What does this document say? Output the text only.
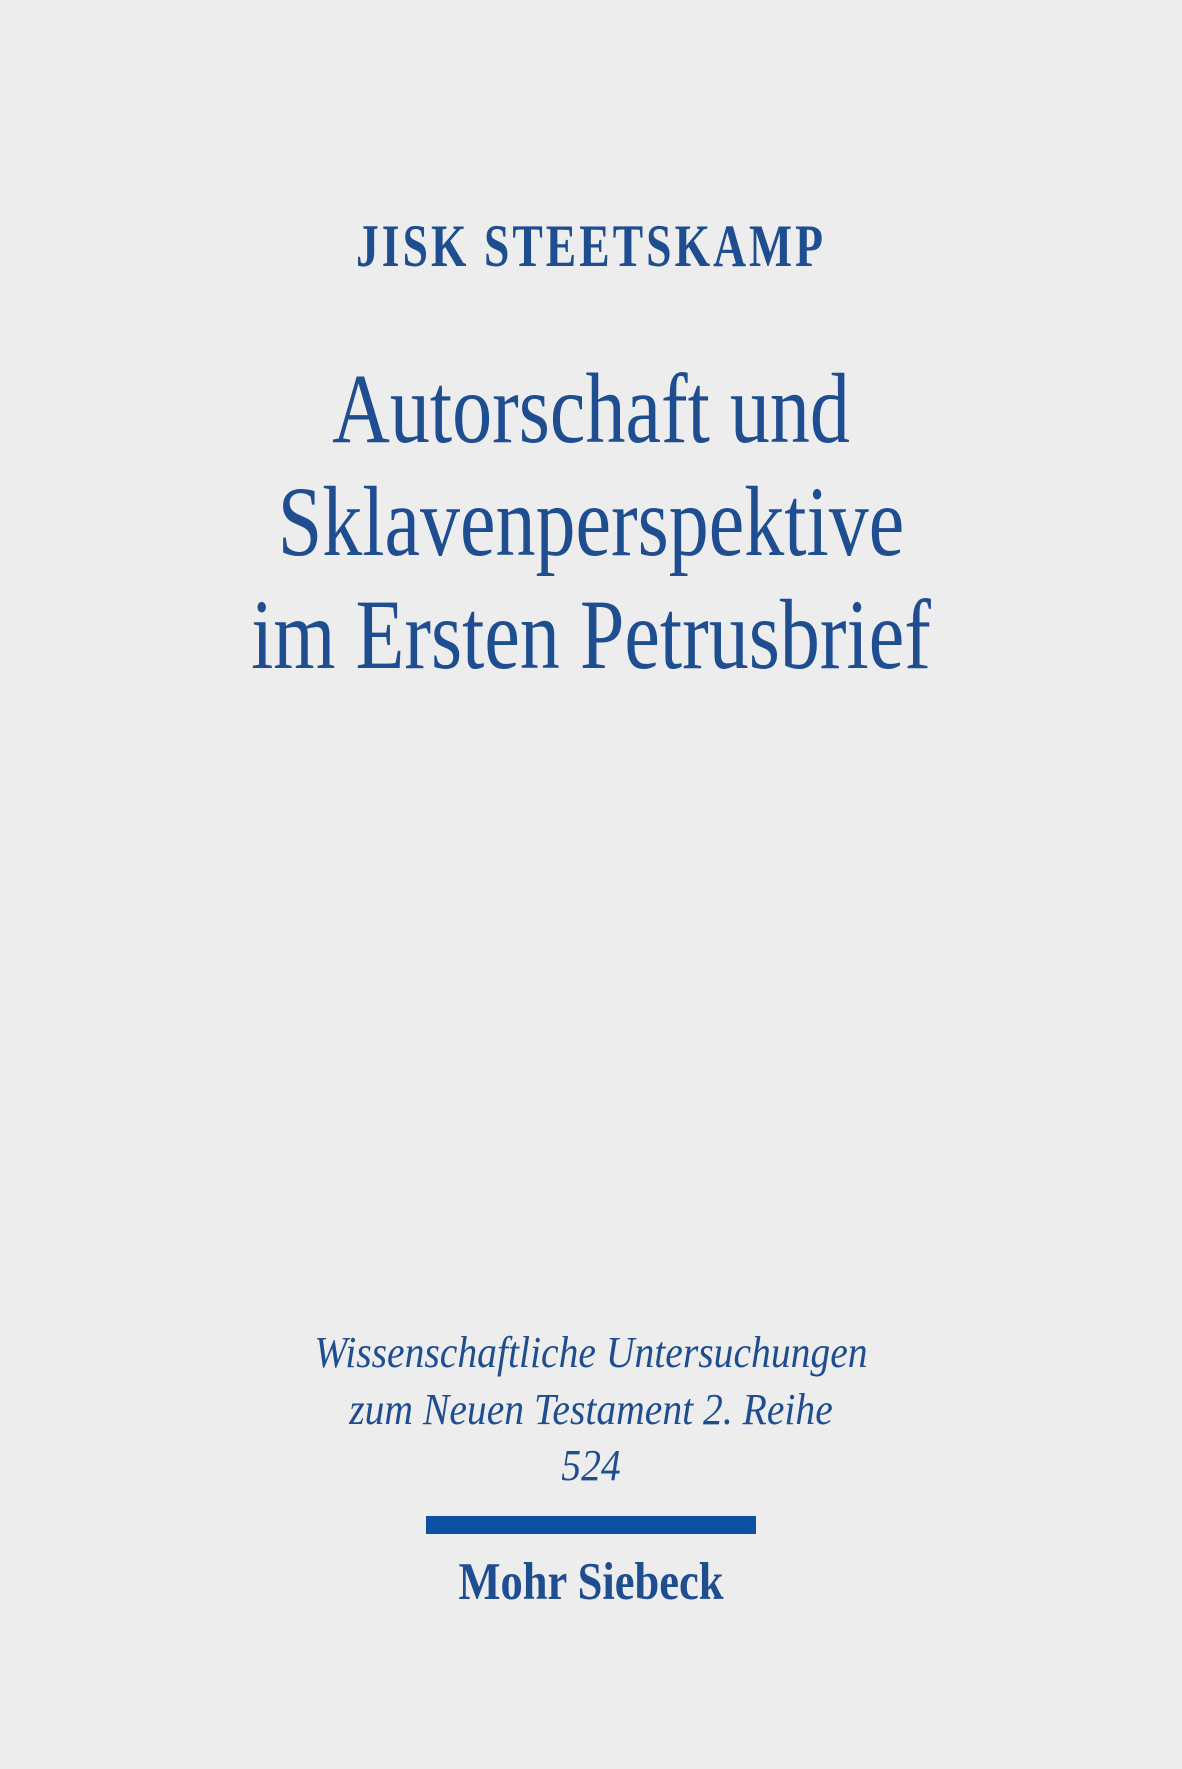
JISK STEETSKAMP
Autorschaft und
Sklavenperspektive
im Ersten Petrusbrief
Wissenschaftliche Untersuchungen
zum Neuen Testament 2. Reihe
524
Mohr Siebeck
